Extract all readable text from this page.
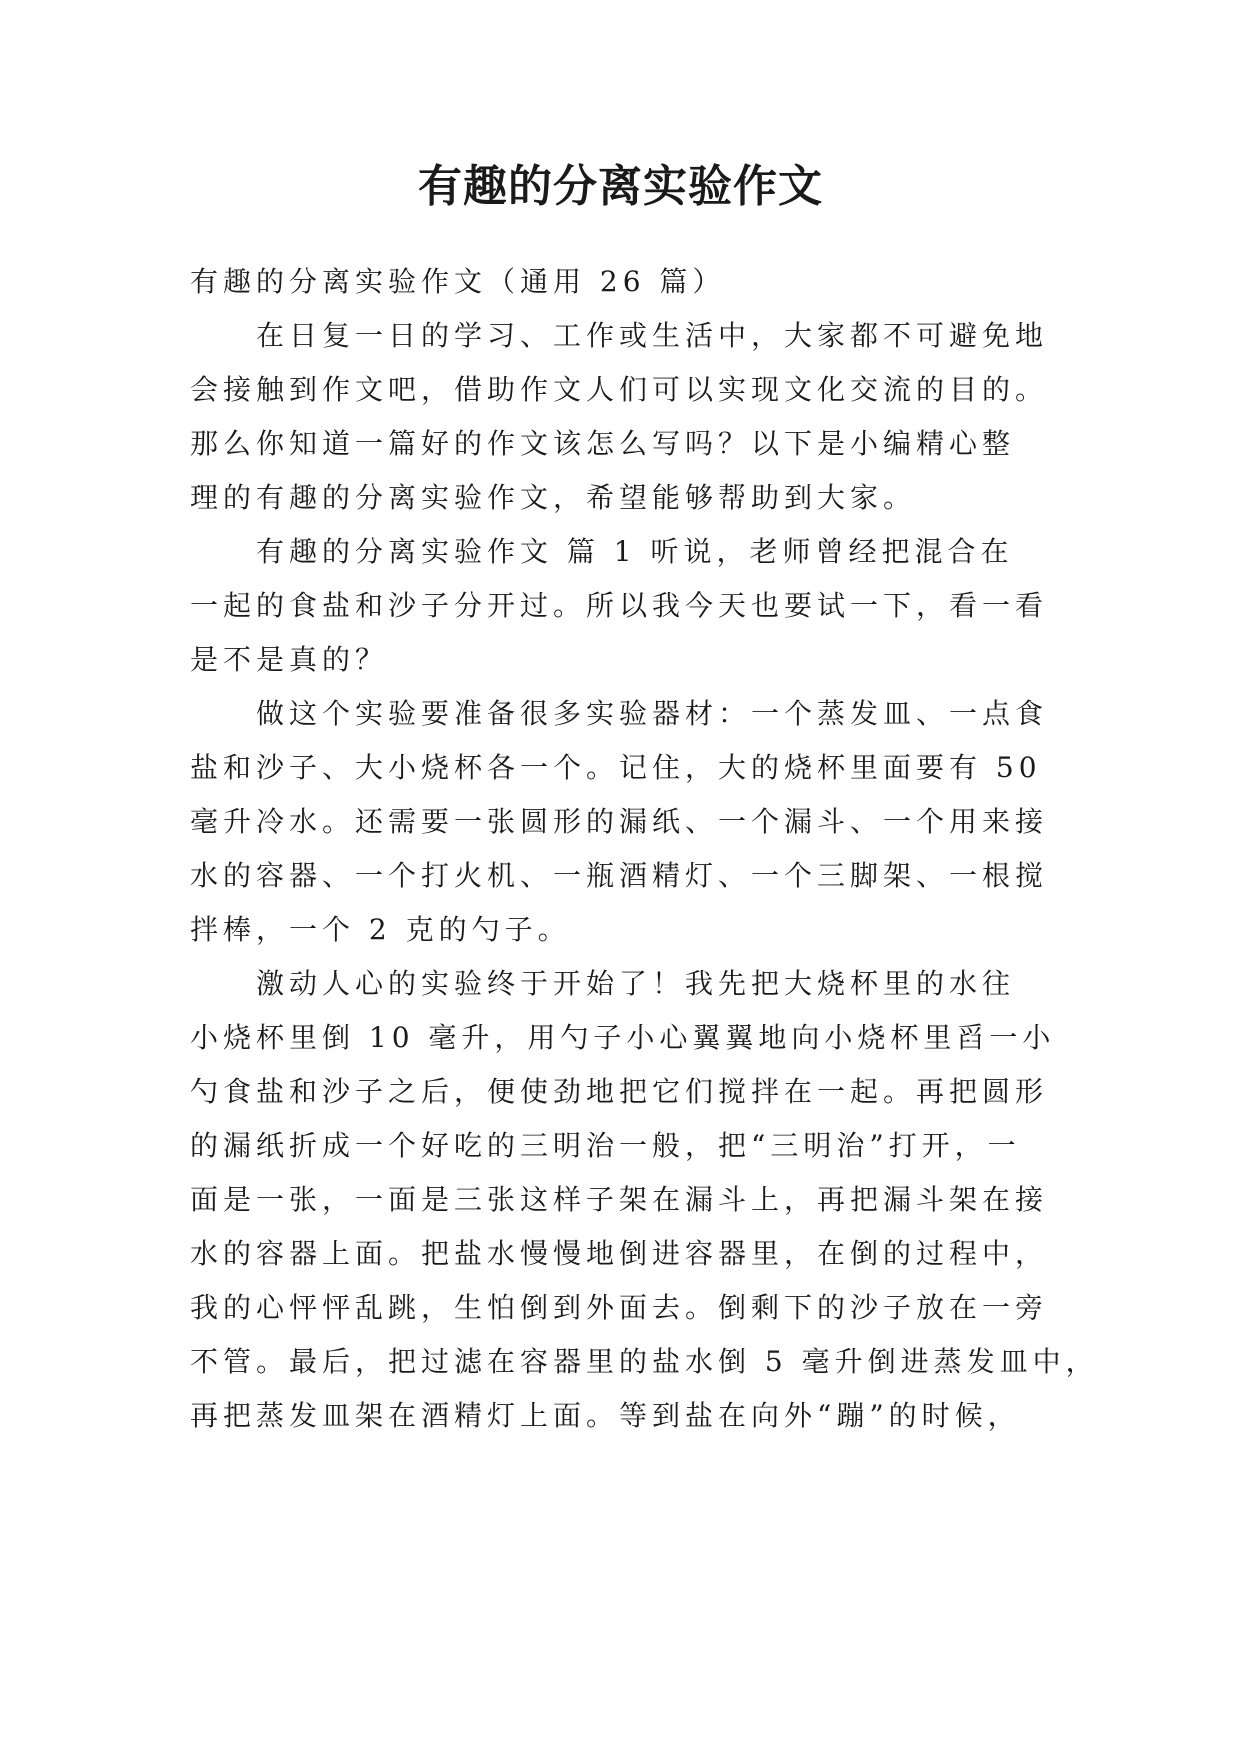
有趣的分离实验作文

有趣的分离实验作文（通用 26 篇）

在日复一日的学习、工作或生活中，大家都不可避免地

会接触到作文吧，借助作文人们可以实现文化交流的目的。

那么你知道一篇好的作文该怎么写吗？以下是小编精心整

理的有趣的分离实验作文，希望能够帮助到大家。

有趣的分离实验作文 篇 1 听说，老师曾经把混合在

一起的食盐和沙子分开过。所以我今天也要试一下，看一看

是不是真的？

做这个实验要准备很多实验器材：一个蒸发皿、一点食

盐和沙子、大小烧杯各一个。记住，大的烧杯里面要有 50

毫升冷水。还需要一张圆形的漏纸、一个漏斗、一个用来接

水的容器、一个打火机、一瓶酒精灯、一个三脚架、一根搅

拌棒，一个 2 克的勺子。

激动人心的实验终于开始了！我先把大烧杯里的水往

小烧杯里倒 10 毫升，用勺子小心翼翼地向小烧杯里舀一小

勺食盐和沙子之后，便使劲地把它们搅拌在一起。再把圆形

的漏纸折成一个好吃的三明治一般，把“三明治”打开，一

面是一张，一面是三张这样子架在漏斗上，再把漏斗架在接

水的容器上面。把盐水慢慢地倒进容器里，在倒的过程中，

我的心怦怦乱跳，生怕倒到外面去。倒剩下的沙子放在一旁

不管。最后，把过滤在容器里的盐水倒 5 毫升倒进蒸发皿中，

再把蒸发皿架在酒精灯上面。等到盐在向外“蹦”的时候，
